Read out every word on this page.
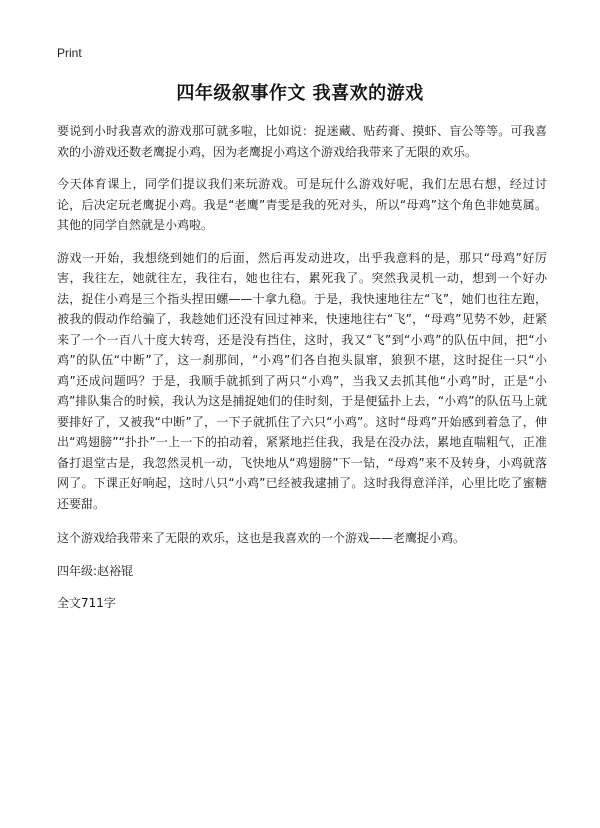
Print
四年级叙事作文 我喜欢的游戏

要说到小时我喜欢的游戏那可就多啦，比如说：捉迷藏、贴药膏、摸虾、盲公等等。可我喜欢的小游戏还数老鹰捉小鸡，因为老鹰捉小鸡这个游戏给我带来了无限的欢乐。

今天体育课上，同学们提议我们来玩游戏。可是玩什么游戏好呢，我们左思右想，经过讨论，后决定玩老鹰捉小鸡。我是“老鹰”青雯是我的死对头，所以“母鸡”这个角色非她莫属。其他的同学自然就是小鸡啦。

游戏一开始，我想绕到她们的后面，然后再发动进攻，出乎我意料的是，那只“母鸡”好厉害，我往左，她就往左，我往右，她也往右，累死我了。突然我灵机一动，想到一个好办法，捉住小鸡是三个指头捏田螺——十拿九稳。于是，我快速地往左“飞”，她们也往左跑，被我的假动作给骗了，我趁她们还没有回过神来，快速地往右“飞”，“母鸡”见势不妙，赶紧来了一个一百八十度大转弯，还是没有挡住，这时，我又“飞”到“小鸡”的队伍中间，把“小鸡”的队伍“中断”了，这一刹那间，“小鸡”们各自抱头鼠窜，狼狈不堪，这时捉住一只“小鸡”还成问题吗？于是，我顺手就抓到了两只“小鸡”，当我又去抓其他“小鸡”时，正是“小鸡”排队集合的时候，我认为这是捕捉她们的佳时刻，于是便猛扑上去，“小鸡”的队伍马上就要排好了，又被我“中断”了，一下子就抓住了六只“小鸡”。这时“母鸡”开始感到着急了，伸出“鸡翅膀”“扑扑”一上一下的拍动着，紧紧地拦住我，我是在没办法，累地直喘粗气，正准备打退堂古是，我忽然灵机一动，飞快地从“鸡翅膀”下一钻，“母鸡”来不及转身，小鸡就落网了。下课正好响起，这时八只“小鸡”已经被我逮捕了。这时我得意洋洋，心里比吃了蜜糖还要甜。

这个游戏给我带来了无限的欢乐，这也是我喜欢的一个游戏——老鹰捉小鸡。

四年级:赵裕锟
全文711字
